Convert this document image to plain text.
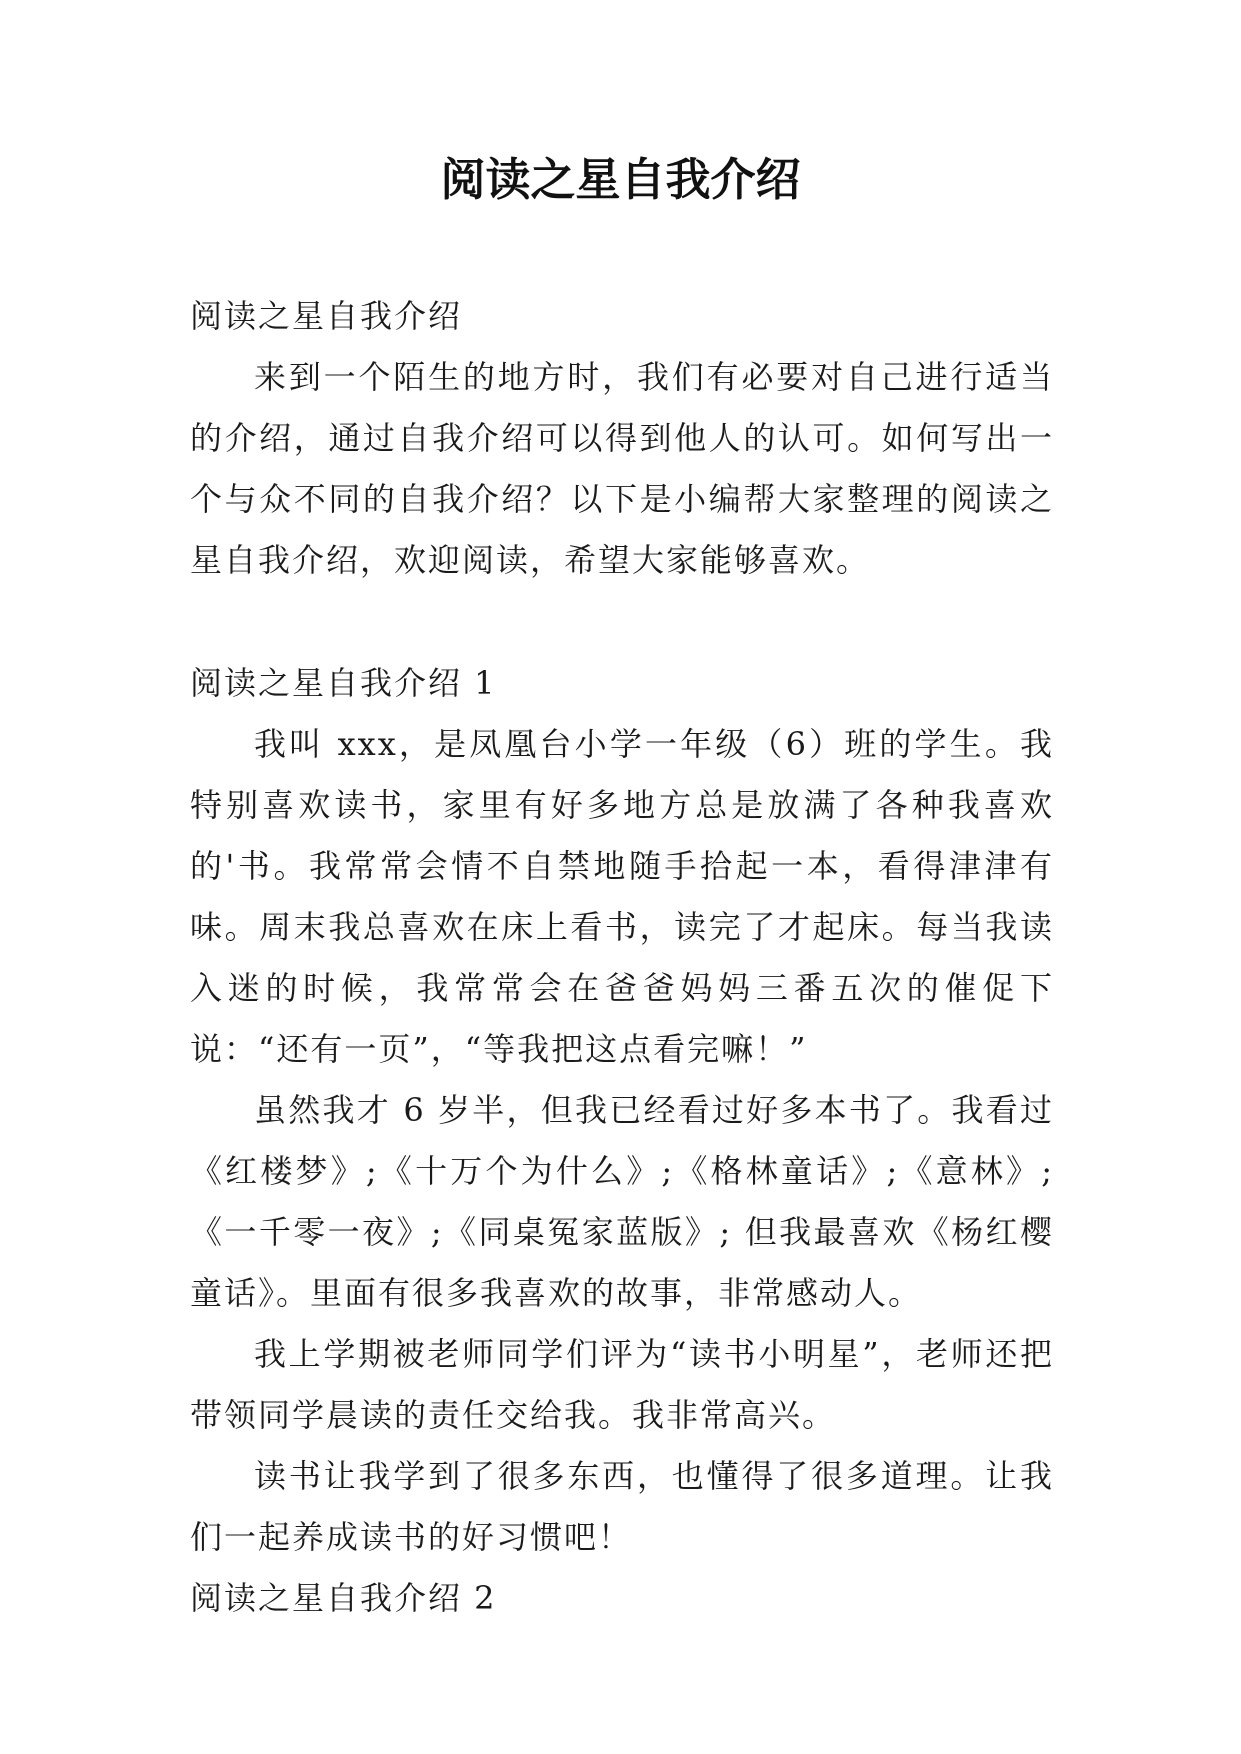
阅读之星自我介绍

阅读之星自我介绍

来到一个陌生的地方时，我们有必要对自己进行适当的介绍，通过自我介绍可以得到他人的认可。如何写出一个与众不同的自我介绍？以下是小编帮大家整理的阅读之星自我介绍，欢迎阅读，希望大家能够喜欢。

阅读之星自我介绍 1

我叫 xxx，是凤凰台小学一年级（6）班的学生。我特别喜欢读书，家里有好多地方总是放满了各种我喜欢的'书。我常常会情不自禁地随手拾起一本，看得津津有味。周末我总喜欢在床上看书，读完了才起床。每当我读入迷的时候，我常常会在爸爸妈妈三番五次的催促下说：“还有一页”，“等我把这点看完嘛！”

虽然我才 6 岁半，但我已经看过好多本书了。我看过《红楼梦》;《十万个为什么》;《格林童话》;《意林》;《一千零一夜》;《同桌冤家蓝版》; 但我最喜欢《杨红樱童话》。里面有很多我喜欢的故事，非常感动人。

我上学期被老师同学们评为“读书小明星”，老师还把带领同学晨读的责任交给我。我非常高兴。

读书让我学到了很多东西，也懂得了很多道理。让我们一起养成读书的好习惯吧！

阅读之星自我介绍 2
